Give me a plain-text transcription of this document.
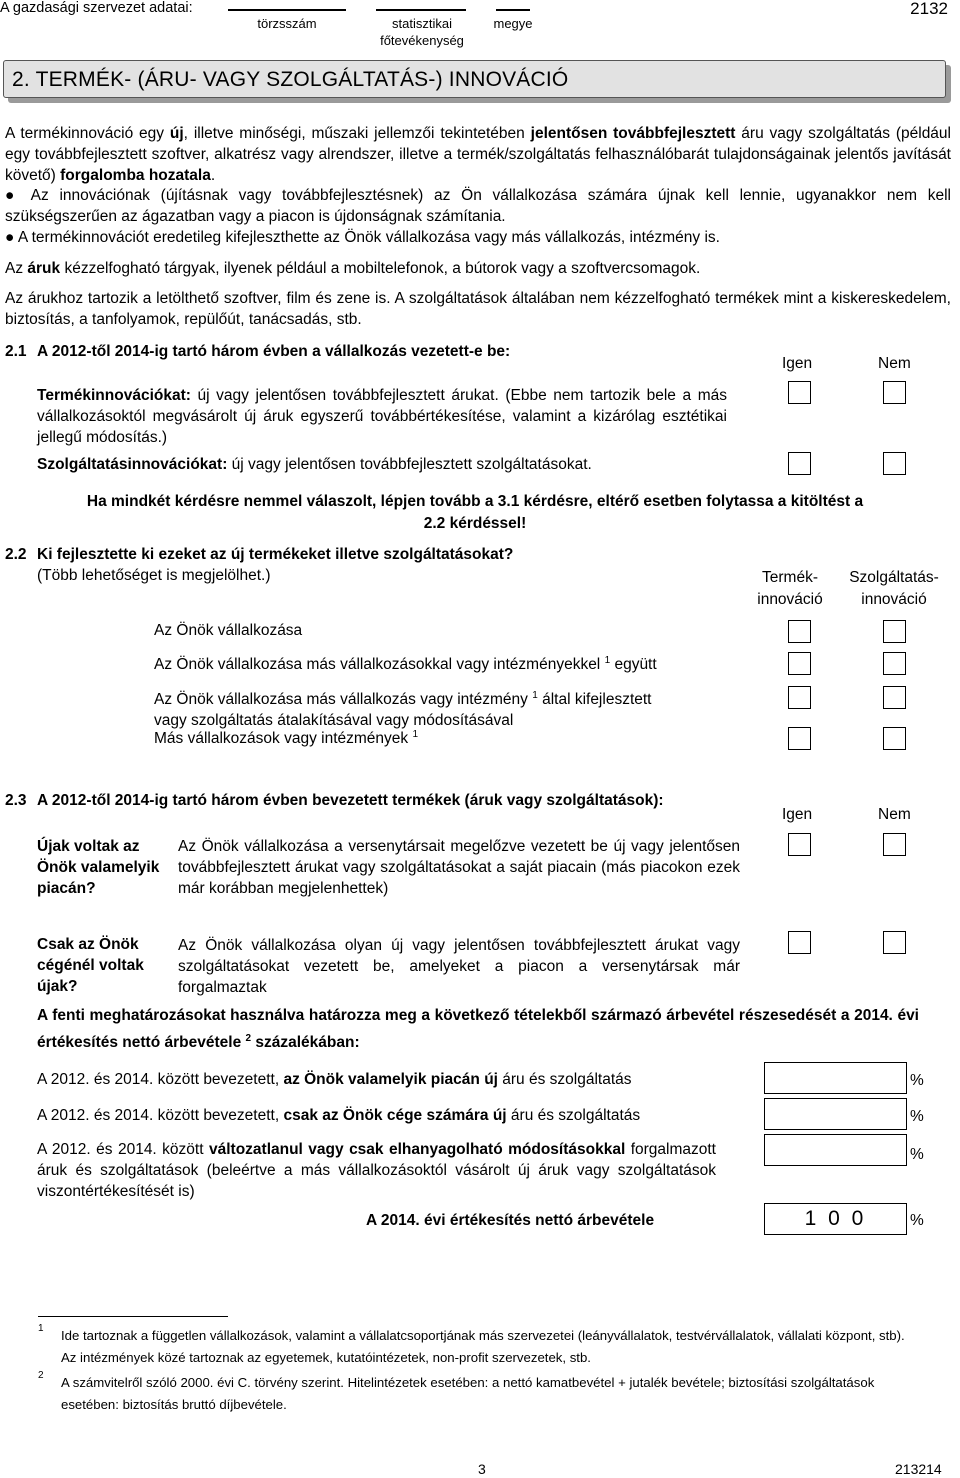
A gazdasági szervezet adatai:
törzsszám	statisztikai
főtevékenység
megye
2132
2. TERMÉK- (ÁRU- VAGY SZOLGÁLTATÁS-) INNOVÁCIÓ
A termékinnováció egy új, illetve minőségi, műszaki jellemzői tekintetében jelentősen továbbfejlesztett áru vagy szolgáltatás (például egy továbbfejlesztett szoftver, alkatrész vagy alrendszer, illetve a termék/szolgáltatás felhasználóbarát tulajdonságainak jelentős javítását követő) forgalomba hozatala.
● Az innovációnak (újításnak vagy továbbfejlesztésnek) az Ön vállalkozása számára újnak kell lennie, ugyanakkor nem kell szükségszerűen az ágazatban vagy a piacon is újdonságnak számítania.
● A termékinnovációt eredetileg kifejleszthette az Önök vállalkozása vagy más vállalkozás, intézmény is.
Az áruk kézzelfogható tárgyak, ilyenek például a mobiltelefonok, a bútorok vagy a szoftvercsomagok.
Az árukhoz tartozik a letölthető szoftver, film és zene is. A szolgáltatások általában nem kézzelfogható termékek mint a kiskereskedelem, biztosítás, a tanfolyamok, repülőút, tanácsadás, stb.
2.1 A 2012-től 2014-ig tartó három évben a vállalkozás vezetett-e be:
Igen	Nem
Termékinnovációkat: új vagy jelentősen továbbfejlesztett árukat. (Ebbe nem tartozik bele a más vállalkozásoktól megvásárolt új áruk egyszerű továbbértékesítése, valamint a kizárólag esztétikai jellegű módosítás.)
Szolgáltatásinnovációkat: új vagy jelentősen továbbfejlesztett szolgáltatásokat.
Ha mindkét kérdésre nemmel válaszolt, lépjen tovább a 3.1 kérdésre, eltérő esetben folytassa a kitöltést a 2.2 kérdéssel!
2.2 Ki fejlesztette ki ezeket az új termékeket illetve szolgáltatásokat?
(Több lehetőséget is megjelölhet.)	Termék-
innováció
Szolgáltatás-
innováció
Az Önök vállalkozása
Az Önök vállalkozása más vállalkozásokkal vagy intézményekkel $^1$ együtt
Az Önök vállalkozása más vállalkozás vagy intézmény $^1$ által kifejlesztett
vagy szolgáltatás átalakításával vagy módosításával
Más vállalkozások vagy intézmények $^1$
2.3 A 2012-től 2014-ig tartó három évben bevezetett termékek (áruk vagy szolgáltatások):
Igen	Nem
Újak voltak az Önök valamelyik piacán?
Az Önök vállalkozása a versenytársait megelőzve vezetett be új vagy jelentősen továbbfejlesztett árukat vagy szolgáltatásokat a saját piacain (más piacokon ezek már korábban megjelenhettek)
Csak az Önök cégénél voltak újak?
Az Önök vállalkozása olyan új vagy jelentősen továbbfejlesztett árukat vagy szolgáltatásokat vezetett be, amelyeket a piacon a versenytársak már forgalmaztak
A fenti meghatározásokat használva határozza meg a következő tételekből származó árbevétel részesedését a 2014. évi értékesítés nettó árbevétele $^2$ százalékában:
A 2012. és 2014. között bevezetett, az Önök valamelyik piacán új áru és szolgáltatás	%
A 2012. és 2014. között bevezetett, csak az Önök cége számára új áru és szolgáltatás	%
A 2012. és 2014. között változatlanul vagy csak elhanyagolható módosításokkal forgalmazott áruk és szolgáltatások (beleértve a más vállalkozásoktól vásárolt új áruk vagy szolgáltatások viszontértékesítését is)
%
A 2014. évi értékesítés nettó árbevétele	1 0 0	%
1 Ide tartoznak a független vállalkozások, valamint a vállalatcsoportjának más szervezetei (leányvállalatok, testvérvállalatok, vállalati központ, stb).
Az intézmények közé tartoznak az egyetemek, kutatóintézetek, non-profit szervezetek, stb.
2 A számvitelről szóló 2000. évi C. törvény szerint. Hitelintézetek esetében: a nettó kamatbevétel + jutalék bevétele; biztosítási szolgáltatások
esetében: biztosítás bruttó díjbevétele.
3	213214
